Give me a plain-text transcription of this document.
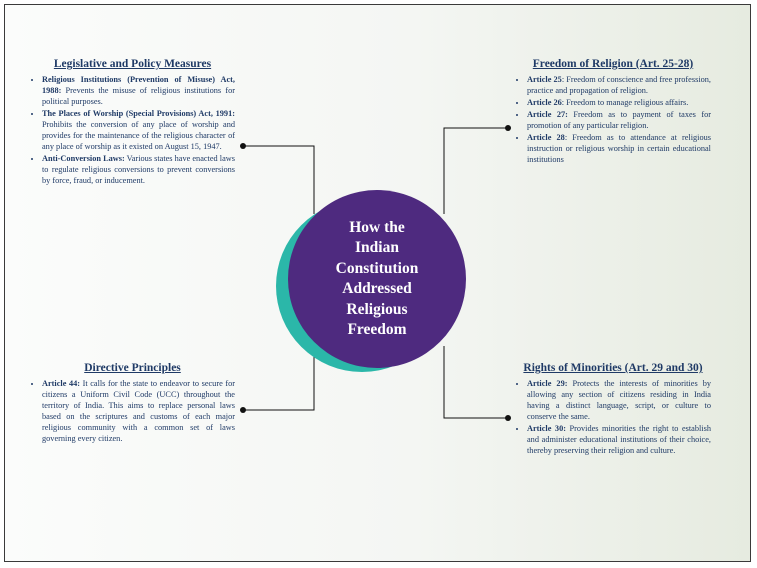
How the
Indian
Constitution
Addressed
Religious
Freedom
Legislative and Policy Measures
• Religious Institutions (Prevention of Misuse) Act, 1988: Prevents the misuse of religious institutions for political purposes.
• The Places of Worship (Special Provisions) Act, 1991: Prohibits the conversion of any place of worship and provides for the maintenance of the religious character of any place of worship as it existed on August 15, 1947.
• Anti-Conversion Laws: Various states have enacted laws to regulate religious conversions to prevent conversions by force, fraud, or inducement.
Directive Principles
• Article 44: It calls for the state to endeavor to secure for citizens a Uniform Civil Code (UCC) throughout the territory of India. This aims to replace personal laws based on the scriptures and customs of each major religious community with a common set of laws governing every citizen.
Freedom of Religion (Art. 25-28)
• Article 25: Freedom of conscience and free profession, practice and propagation of religion.
• Article 26: Freedom to manage religious affairs.
• Article 27: Freedom as to payment of taxes for promotion of any particular religion.
• Article 28: Freedom as to attendance at religious instruction or religious worship in certain educational institutions
Rights of Minorities (Art. 29 and 30)
• Article 29: Protects the interests of minorities by allowing any section of citizens residing in India having a distinct language, script, or culture to conserve the same.
• Article 30: Provides minorities the right to establish and administer educational institutions of their choice, thereby preserving their religion and culture.
